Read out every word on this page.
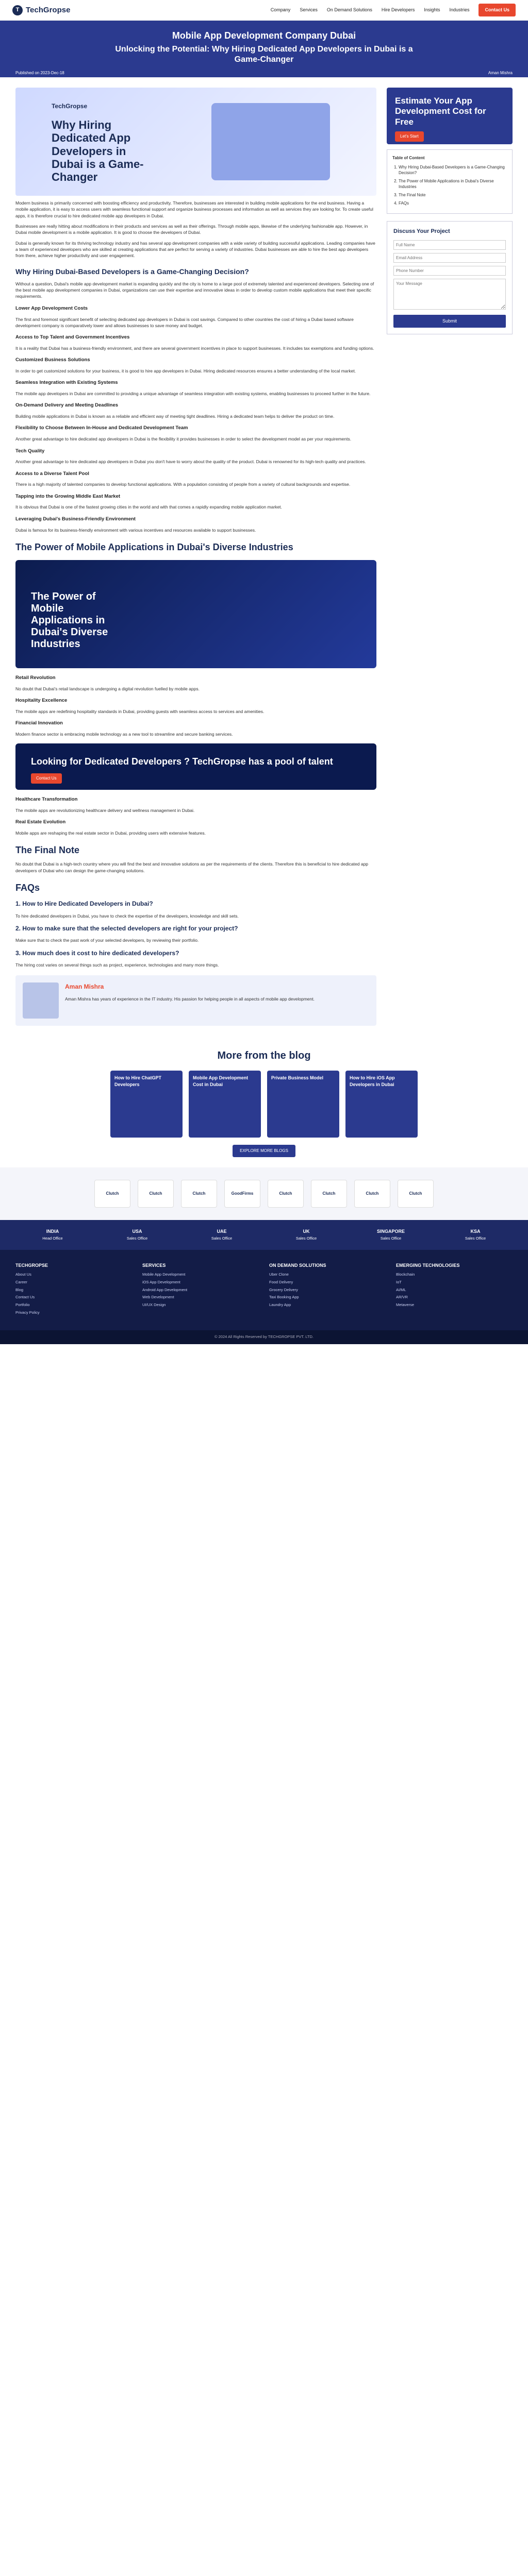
T TechGropse	Company Services On Demand Solutions Hire Developers Insights Industries	Contact Us
Mobile App Development Company Dubai
Unlocking the Potential: Why Hiring Dedicated App Developers in Dubai is a Game-Changer
Published on 2023-Dec-18	Aman Mishra
TechGropse
Why Hiring Dedicated App Developers in Dubai is a Game-Changer

Modern business is primarily concerned with boosting efficiency and productivity. Therefore, businesses are interested in building mobile applications for the end business. Having a mobile application, it is easy to access users with seamless functional support and organize business processes and information as well as services they are looking for. To create useful apps, it is therefore crucial to hire dedicated mobile app developers in Dubai.

Businesses are really hitting about modifications in their products and services as well as their offerings. Through mobile apps, likewise of the underlying fashionable app. However, in Dubai mobile development is a mobile application. It is good to choose the developers of Dubai.

Dubai is generally known for its thriving technology industry and has several app development companies with a wide variety of building successful applications. Leading companies have a team of experienced developers who are skilled at creating applications that are perfect for serving a variety of industries. Dubai businesses are able to hire the best app developers from there, achieve higher productivity and user engagement.

Why Hiring Dubai-Based Developers is a Game-Changing Decision?

Without a question, Dubai's mobile app development market is expanding quickly and the city is home to a large pool of extremely talented and experienced developers. Selecting one of the best mobile app development companies in Dubai, organizations can use their expertise and innovative ideas in order to develop custom mobile applications that meet their specific requirements.

Lower App Development Costs

The first and foremost significant benefit of selecting dedicated app developers in Dubai is cost savings. Compared to other countries the cost of hiring a Dubai based software development company is comparatively lower and allows businesses to save money and budget.

Access to Top Talent and Government Incentives

It is a reality that Dubai has a business-friendly environment, and there are several government incentives in place to support businesses. It includes tax exemptions and funding options.

Customized Business Solutions

In order to get customized solutions for your business, it is good to hire app developers in Dubai. Hiring dedicated resources ensures a better understanding of the local market.

Seamless Integration with Existing Systems

The mobile app developers in Dubai are committed to providing a unique advantage of seamless integration with existing systems, enabling businesses to proceed further in the future.

On-Demand Delivery and Meeting Deadlines

Building mobile applications in Dubai is known as a reliable and efficient way of meeting tight deadlines. Hiring a dedicated team helps to deliver the product on time.

Flexibility to Choose Between In-House and Dedicated Development Team

Another great advantage to hire dedicated app developers in Dubai is the flexibility it provides businesses in order to select the development model as per your requirements.

Tech Quality

Another great advantage to hire dedicated app developers in Dubai you don't have to worry about the quality of the product. Dubai is renowned for its high-tech quality and practices.

Access to a Diverse Talent Pool

There is a high majority of talented companies to develop functional applications. With a population consisting of people from a variety of cultural backgrounds and expertise.

Tapping into the Growing Middle East Market

It is obvious that Dubai is one of the fastest growing cities in the world and with that comes a rapidly expanding mobile application market.

Leveraging Dubai's Business-Friendly Environment

Dubai is famous for its business-friendly environment with various incentives and resources available to support businesses.

The Power of Mobile Applications in Dubai's Diverse Industries
The Power of Mobile Applications in Dubai's Diverse Industries
Retail Revolution

No doubt that Dubai's retail landscape is undergoing a digital revolution fuelled by mobile apps.

Hospitality Excellence

The mobile apps are redefining hospitality standards in Dubai, providing guests with seamless access to services and amenities.

Financial Innovation

Modern finance sector is embracing mobile technology as a new tool to streamline and secure banking services.

Looking for Dedicated Developers ? TechGropse has a pool of talent
Contact Us
Healthcare Transformation

The mobile apps are revolutionizing healthcare delivery and wellness management in Dubai.

Real Estate Evolution

Mobile apps are reshaping the real estate sector in Dubai, providing users with extensive features.

The Final Note

No doubt that Dubai is a high-tech country where you will find the best and innovative solutions as per the requirements of the clients. Therefore this is beneficial to hire dedicated app developers of Dubai who can design the game-changing solutions.

FAQs
1. How to Hire Dedicated Developers in Dubai?

To hire dedicated developers in Dubai, you have to check the expertise of the developers, knowledge and skill sets.

2. How to make sure that the selected developers are right for your project?

Make sure that to check the past work of your selected developers, by reviewing their portfolio.

3. How much does it cost to hire dedicated developers?

The hiring cost varies on several things such as project, experience, technologies and many more things.

Aman Mishra

Aman Mishra has years of experience in the IT industry. His passion for helping people in all aspects of mobile app development.

Estimate Your App Development Cost for Free
Let's Start
Table of Content
1. Why Hiring Dubai-Based Developers is a Game-Changing Decision?
2. The Power of Mobile Applications in Dubai's Diverse Industries
3. The Final Note
4. FAQs
Discuss Your Project
Full Name Email Address Phone Number Your Message
Submit
More from the blog
How to Hire ChatGPT Developers
Mobile App Development Cost in Dubai
Private Business Model	How to Hire iOS App Developers in Dubai
EXPLORE MORE BLOGS
Clutch	Clutch	Clutch	GoodFirms	Clutch	Clutch	Clutch	Clutch
INDIA
Head Office
USA
Sales Office
UAE
Sales Office
UK
Sales Office
SINGAPORE
Sales Office
KSA
Sales Office
TECHGROPSE
About Us
Career
Blog
Contact Us
Portfolio
Privacy Policy
SERVICES
Mobile App Development
iOS App Development
Android App Development
Web Development
UI/UX Design
ON DEMAND SOLUTIONS
Uber Clone
Food Delivery
Grocery Delivery
Taxi Booking App
Laundry App
EMERGING TECHNOLOGIES
Blockchain
IoT
AI/ML
AR/VR
Metaverse
© 2024 All Rights Reserved by TECHGROPSE PVT. LTD.
